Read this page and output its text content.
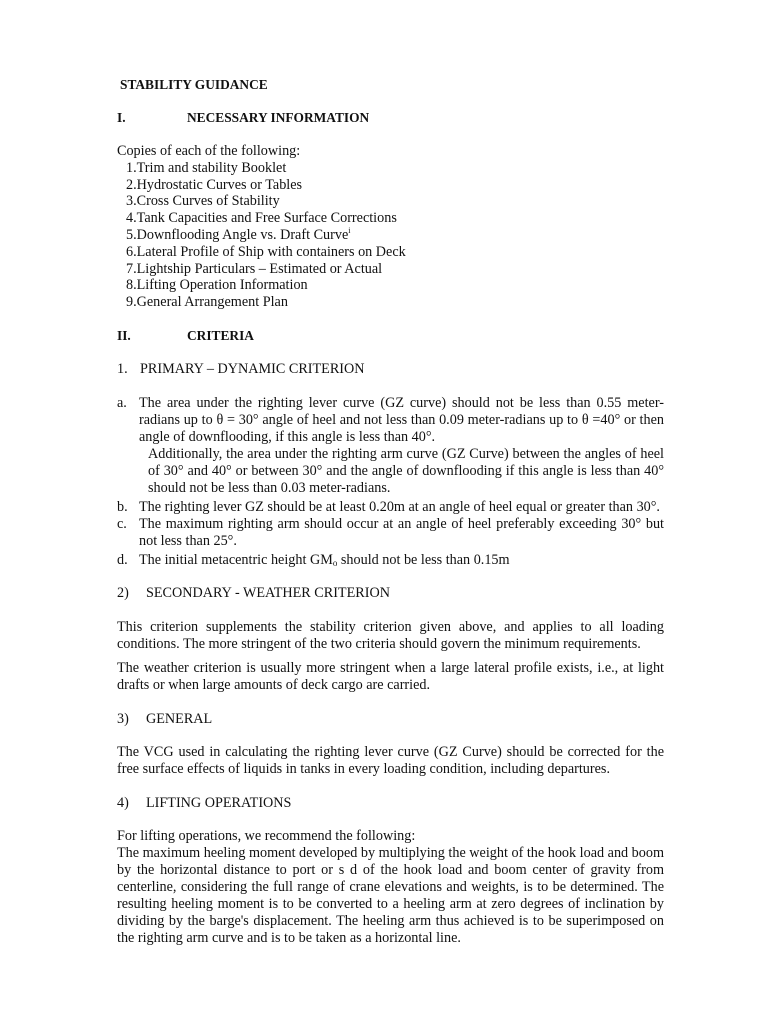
STABILITY GUIDANCE
I.	NECESSARY INFORMATION
Copies of each of the following:
1.Trim and stability Booklet
2.Hydrostatic Curves or Tables
3.Cross Curves of Stability
4.Tank Capacities and Free Surface Corrections
5.Downflooding Angle vs. Draft Curve$^i$
6.Lateral Profile of Ship with containers on Deck
7.Lightship Particulars – Estimated or Actual
8.Lifting Operation Information
9.General Arrangement Plan
II.	CRITERIA
1. PRIMARY – DYNAMIC CRITERION
a. The area under the righting lever curve (GZ curve) should not be less than 0.55 meter-
radians up to θ = 30° angle of heel and not less than 0.09 meter-radians up to θ =40° or then
angle of downflooding, if this angle is less than 40°.
Additionally, the area under the righting arm curve (GZ Curve) between the angles of heel
of 30° and 40° or between 30° and the angle of downflooding if this angle is less than 40°
should not be less than 0.03 meter-radians.
b. The righting lever GZ should be at least 0.20m at an angle of heel equal or greater than 30°.
c. The maximum righting arm should occur at an angle of heel preferably exceeding 30° but
not less than 25°.
d. The initial metacentric height $GM_o$ should not be less than 0.15m
2) SECONDARY - WEATHER CRITERION
This criterion supplements the stability criterion given above, and applies to all loading conditions. The more stringent of the two criteria should govern the minimum requirements.
The weather criterion is usually more stringent when a large lateral profile exists, i.e., at light drafts or when large amounts of deck cargo are carried.
3) GENERAL
The VCG used in calculating the righting lever curve (GZ Curve) should be corrected for the free surface effects of liquids in tanks in every loading condition, including departures.
4) LIFTING OPERATIONS
For lifting operations, we recommend the following:
The maximum heeling moment developed by multiplying the weight of the hook load and boom
by the horizontal distance to port or s d of the hook load and boom center of gravity from
centerline, considering the full range of crane elevations and weights, is to be determined. The
resulting heeling moment is to be converted to a heeling arm at zero degrees of inclination by
dividing by the barge's displacement. The heeling arm thus achieved is to be superimposed on
the righting arm curve and is to be taken as a horizontal line.
